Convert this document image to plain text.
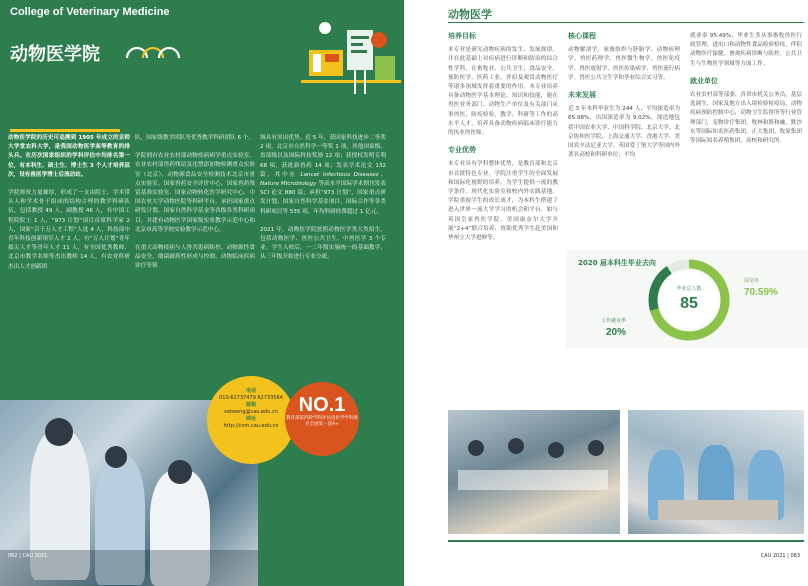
College of Veterinary Medicine
动物医学院

动物医学院的历史可追溯到 1905 年成立的京师大学堂农科大学，是我国动物医学高等教育的排头兵。在历次国家组织的学科评估中均排名第一位，有本科生、硕士生、博士生 3 个人才培养层次，设有兽医学博士后流动站。

学院师资力量雄厚，形成了一支由院士、学术带头人和学术骨干组成的结构合理的教学科研队伍，包括教授 49 人，副教授 46 人，有中国工程院院士 1 人，“973 计划”项目首席科学家 2 人，国家“百千万人才工程”人选 4 人，科技部中青年科技创新领军人才 2 人，有“万人计划”青年拔尖人才等青年人才 11 人，有全国优秀教师、北京市教学名师等杰出教师 14 人，有农业科研杰出人才创新团

队、国家级教学团队等优秀教学科研团队 6 个。

学院拥有农业农村部动物疫病病学重点实验室、农业农村部兽药残留及违禁添加物检测重点实验室（北京）、动物源食品安全检测技术北京市重点实验室、国家兽药安全评价中心、国家兽药残留基准实验室、国家动物转化医学研究中心、中国农业大学动物医院等科研平台，承担国家重点研发计划、国家自然科学基金等各级各类科研项目，并建有动物医学国家级实验教学示范中心和北京市高等学校实验教学示范中心。

在重大动物疫病与人兽共患病防控、动物源性食品安全、细菌耐药性形成与控制、动物临床疾病诊疗等领

域具有突出优势。近 5 年，获国家科技进步二等奖 2 项，北京市自然科学一等奖 1 项，其他国家级、省部级以及国际科技奖励 12 项；获授权发明专利 68 项，获批新兽药 14 项；发表学术论文 132 篇，其中在 Lancet Infectious Diseases、Nature Microbiology 等高水平国际学术期刊发表 SCI 论文 880 篇；承担“973 计划”、国家重点研发计划、国家自然科学基金项目、国际合作等各类科研项目等 535 项，年均科研经费超过 1 亿元。

2021 年，动物医学院按照动物医学类大类招生，包括动物医学、兽医公共卫生、中兽医学 3 个专业。学生入校后，一二年级实施统一的基础教学，从三年级开始进行专业分流。

电话
010-62737479 62733564
邮箱
vetweng@cau.edu.cn
网址
http://cvm.cau.edu.cn
NO.1
教育部第四轮学科评估兽医学学科排名全国第一获A+
062 | CAU 2021
动物医学
培养目标

本专业是研究动物疾病的发生、发展规律，并在此基础上对疾病进行诊断和防治的综合性学科，在畜牧业、公共卫生、食品安全、预防医学、医药工业、伴侣及观赏动物医疗等诸多领域发挥着重要的作用。本专业培养具备动物医学基本理论、知识和技能，能在兽医业务部门、动物生产单位及有关部门从事兽医、防疫检验、教学、科研等工作的高水平人才，培养具备动物疾病临床诊疗能力的执业兽医师。

专业优势

本专业具有学科整体优势，是教育部和北京市首批特色专业。学院注重学生的全面发展和国际化视野的培养，为学生提供一流的教学条件。现代化实验室和校内外实践基地。学院重视学生的成长成才，为本科生搭建了进入世界一流大学学习的机会和平台，如与英国皇家兽医学院、美国康奈尔大学开展“2+4”联合培养、资助优秀学生赴美国和华州立大学进修等。

核心课程

动物解剖学、家畜组织与胚胎学、动物病理学、兽医药理学、兽医微生物学、兽医免疫学、兽医放射学、兽医传染病学、兽医流行病学、兽医公共卫生学和毕业综合实习等。

未来发展

近 3 年本科毕业生为 244 人，平均深造率为 65.98%，出国深造率为 9.02%。深造地包括中国农业大学、中国科学院、北京大学、北京协和医学院、上海交通大学、香港大学、美国宾夕法尼亚大学、英国爱丁堡大学等国内外著名高校和科研单位；平均

就业率 95.49%，毕业生多从事畜牧兽医行政管理、进出口和动物性食品检验检疫、伴侣动物医疗保健、畜禽疾病诊断与防控、公共卫生与生物医学领域等方面工作。

就业单位

农业农村部等部委、各省市机关公务员，基层选调生，国家及地方出入境检验检疫局，动物疫病预防控制中心，动物卫生监督所等行业管理部门，宠物诊疗集团，牧林和股和融，默沙东等国际知名医药集团，正大集团、牧原集团等国际知名养殖集团，高校和研究所。

CAU 2021 | 063
毕业总人数
85
深造率
70.59%
工作就业率
20%
2020 届本科生毕业去向
